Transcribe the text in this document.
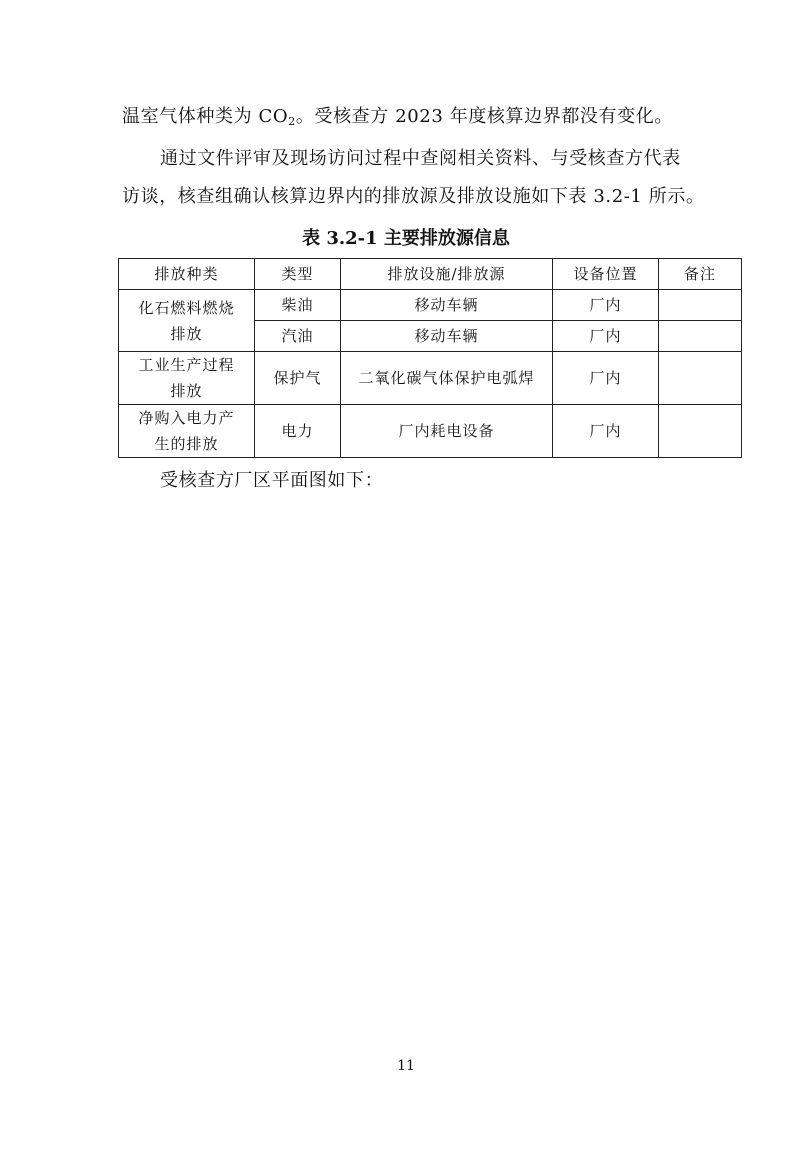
温室气体种类为 $CO_2$。受核查方 2023 年度核算边界都没有变化。
通过文件评审及现场访问过程中查阅相关资料、与受核查方代表
访谈，核查组确认核算边界内的排放源及排放设施如下表 3.2-1 所示。
表 3.2-1 主要排放源信息
排放种类	类型	排放设施/排放源	设备位置	备注

化石燃料燃烧
排放	柴油	移动车辆	厂内	
	汽油	移动车辆	厂内	

工业生产过程
排放	保护气	二氧化碳气体保护电弧焊	厂内	

净购入电力产
生的排放	电力	厂内耗电设备	厂内	
受核查方厂区平面图如下：
11
